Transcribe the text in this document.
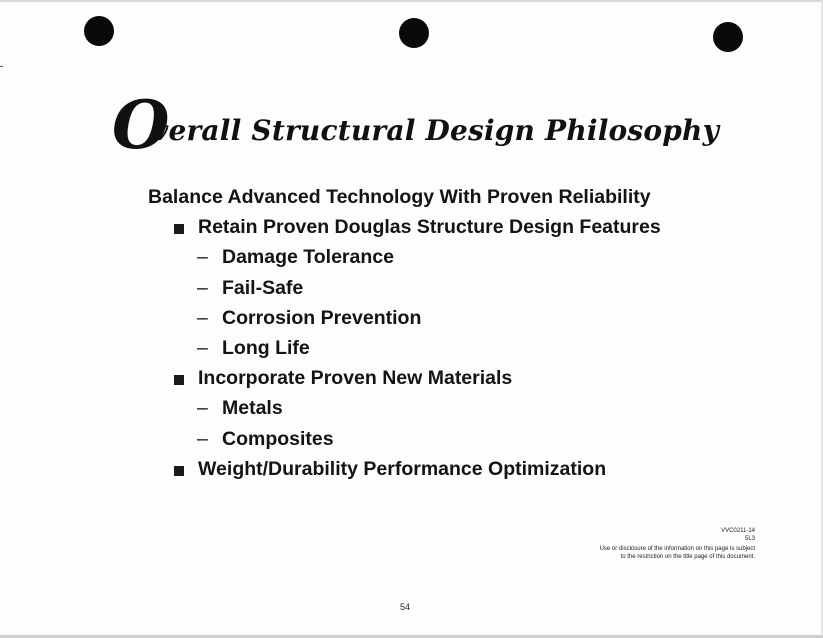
O
verall Structural Design Philosophy
Balance Advanced Technology With Proven Reliability
Retain Proven Douglas Structure Design Features
– Damage Tolerance
– Fail-Safe
– Corrosion Prevention
– Long Life
Incorporate Proven New Materials
– Metals
– Composites
Weight/Durability Performance Optimization
VVC0211-14
5L3
Use or disclosure of the information on this page is subject
to the restriction on the title page of this document.
54
